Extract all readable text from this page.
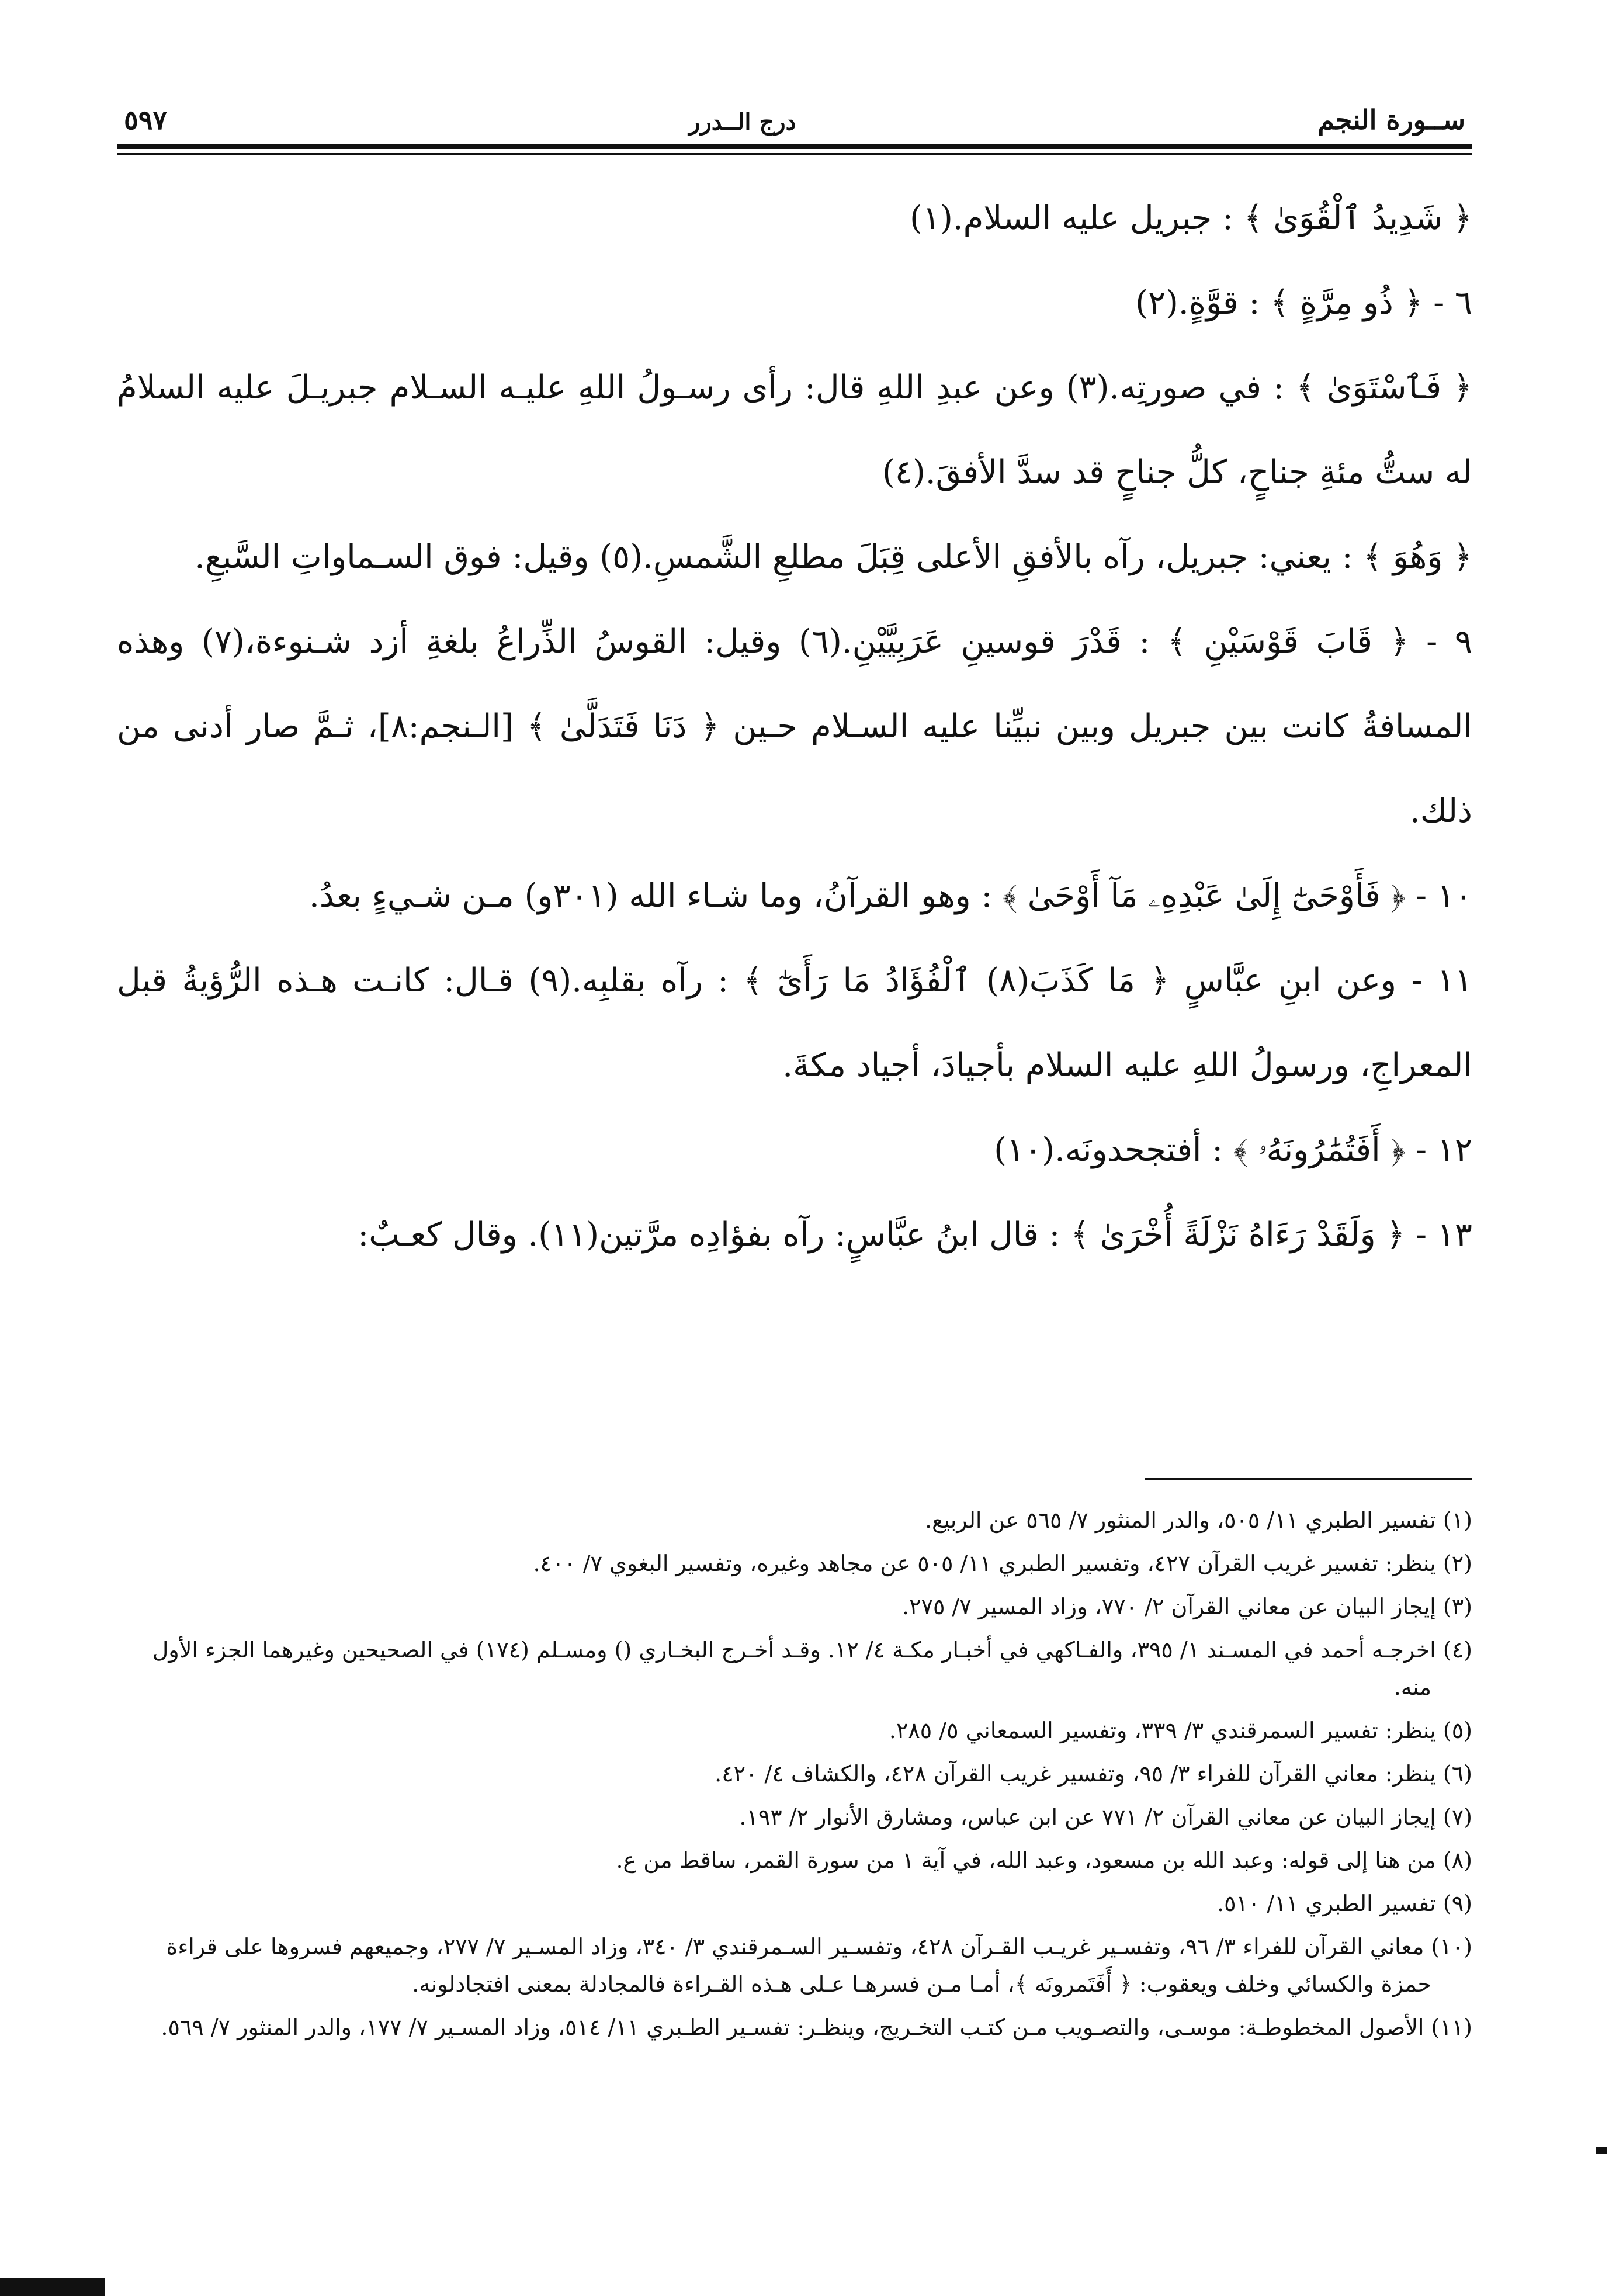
ســورة النجم
درج الــدرر
٥٩٧

﴿ شَدِيدُ ٱلْقُوَىٰ ﴾ : جبريل عليه السلام.(١)

٦ - ﴿ ذُو مِرَّةٍ ﴾ : قوَّةٍ.(٢)

﴿ فَٱسْتَوَىٰ ﴾ : في صورتِه.(٣) وعن عبدِ اللهِ قال: رأى رسـولُ اللهِ عليـه السـلام جبريـلَ عليه السلامُ له ستُّ مئةِ جناحٍ، كلُّ جناحٍ قد سدَّ الأفقَ.(٤)

﴿ وَهُوَ ﴾ : يعني: جبريل، رآه بالأفقِ الأعلى قِبَلَ مطلعِ الشَّمسِ.(٥) وقيل: فوق السـماواتِ السَّبعِ.

٩ - ﴿ قَابَ قَوْسَيْنِ ﴾ : قَدْرَ قوسينِ عَرَبِيَّيْنِ.(٦) وقيل: القوسُ الذِّراعُ بلغةِ أزد شـنوءة،(٧) وهذه المسافةُ كانت بين جبريل وبين نبيِّنا عليه السـلام حـين ﴿ دَنَا فَتَدَلَّىٰ ﴾ [الـنجم:٨]، ثـمَّ صار أدنى من ذلك.

١٠ - ﴿ فَأَوْحَىٰٓ إِلَىٰ عَبْدِهِۦ مَآ أَوْحَىٰ ﴾ : وهو القرآنُ، وما شـاء الله (٣٠١و) مـن شـيءٍ بعدُ.

١١ - وعن ابنِ عبَّاسٍ ﴿ مَا كَذَبَ(٨) ٱلْفُؤَادُ مَا رَأَىٰٓ ﴾ : رآه بقلبِه.(٩) قـال: كانـت هـذه الرُّؤيةُ قبل المعراجِ، ورسولُ اللهِ عليه السلام بأجيادَ، أجياد مكةَ.

١٢ - ﴿ أَفَتُمَٰرُونَهُۥ ﴾ : أفتجحدونَه.(١٠)

١٣ - ﴿ وَلَقَدْ رَءَاهُ نَزْلَةً أُخْرَىٰ ﴾ : قال ابنُ عبَّاسٍ: رآه بفؤادِه مرَّتين(١١). وقال كعـبٌ:

(١) تفسير الطبري ١١/ ٥٠٥، والدر المنثور ٧/ ٥٦٥ عن الربيع.

(٢) ينظر: تفسير غريب القرآن ٤٢٧، وتفسير الطبري ١١/ ٥٠٥ عن مجاهد وغيره، وتفسير البغوي ٧/ ٤٠٠.

(٣) إيجاز البيان عن معاني القرآن ٢/ ٧٧٠، وزاد المسير ٧/ ٢٧٥.

(٤) اخرجـه أحمد في المسـند ١/ ٣٩٥، والفـاكهي في أخبـار مكـة ٤/ ١٢. وقـد أخـرج البخـاري () ومسـلم (١٧٤) في الصحيحين وغيرهما الجزء الأول منه.

(٥) ينظر: تفسير السمرقندي ٣/ ٣٣٩، وتفسير السمعاني ٥/ ٢٨٥.

(٦) ينظر: معاني القرآن للفراء ٣/ ٩٥، وتفسير غريب القرآن ٤٢٨، والكشاف ٤/ ٤٢٠.

(٧) إيجاز البيان عن معاني القرآن ٢/ ٧٧١ عن ابن عباس، ومشارق الأنوار ٢/ ١٩٣.

(٨) من هنا إلى قوله: وعبد الله بن مسعود، وعبد الله، في آية ١ من سورة القمر، ساقط من ع.

(٩) تفسير الطبري ١١/ ٥١٠.

(١٠) معاني القرآن للفراء ٣/ ٩٦، وتفسـير غريـب القـرآن ٤٢٨، وتفسـير السـمرقندي ٣/ ٣٤٠، وزاد المسـير ٧/ ٢٧٧، وجميعهم فسروها على قراءة حمزة والكسائي وخلف ويعقوب: ﴿ أَفَتَمرونَه ﴾، أمـا مـن فسرهـا عـلى هـذه القـراءة فالمجادلة بمعنى افتجادلونه.

(١١) الأصول المخطوطـة: موسـى، والتصـويب مـن كتـب التخـريج، وينظـر: تفسـير الطـبري ١١/ ٥١٤، وزاد المسـير ٧/ ١٧٧، والدر المنثور ٧/ ٥٦٩.
